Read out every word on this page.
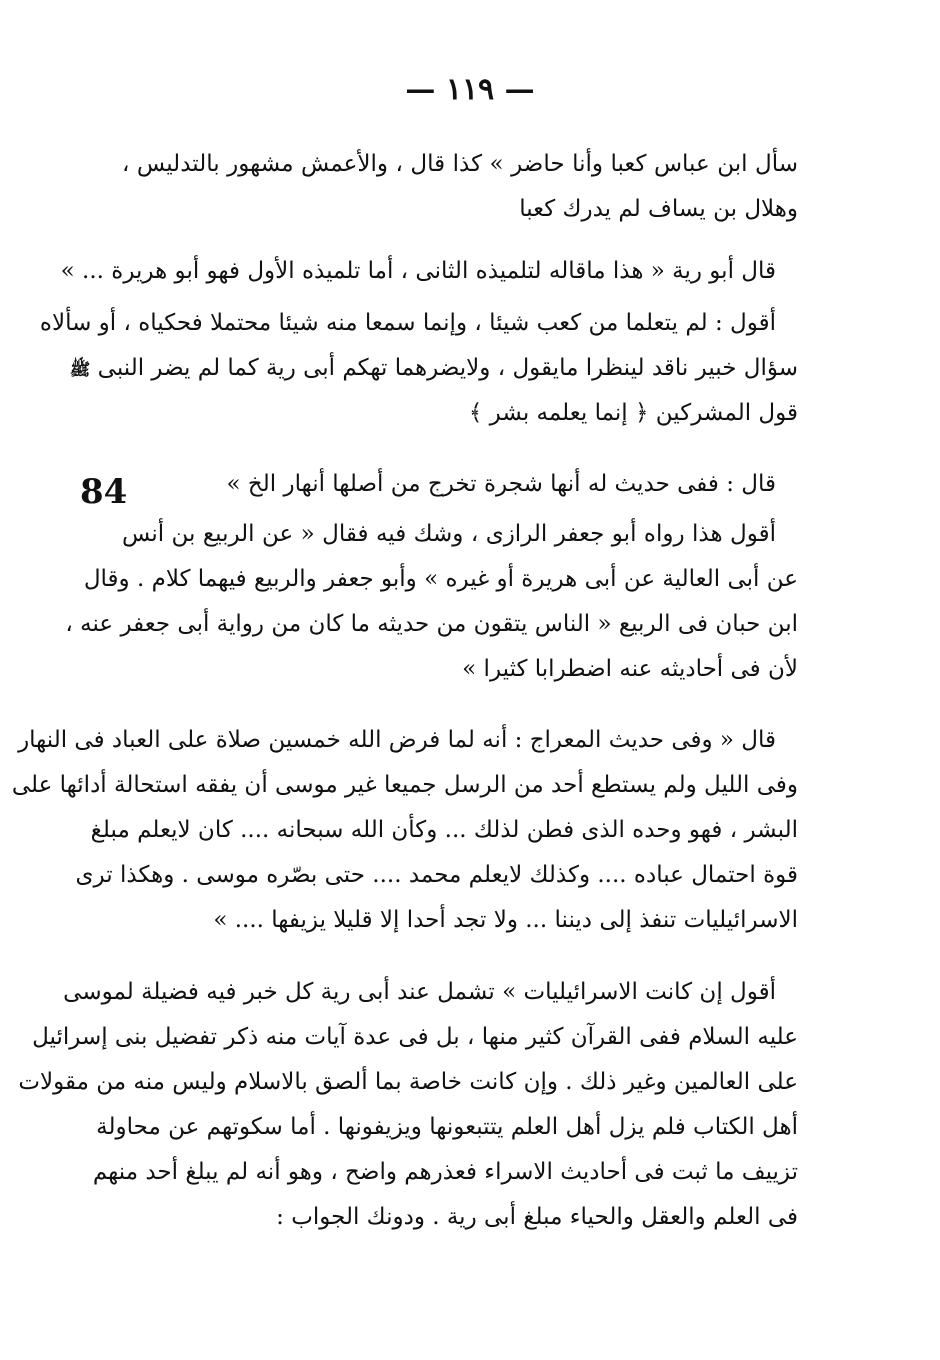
— ١١٩ —
84
سأل ابن عباس كعبا وأنا حاضر » كذا قال ، والأعمش مشهور بالتدليس ،
وهلال بن يساف لم يدرك كعبا
قال أبو رية « هذا ماقاله لتلميذه الثانى ، أما تلميذه الأول فهو أبو هريرة ... »
أقول : لم يتعلما من كعب شيئا ، وإنما سمعا منه شيئا محتملا فحكياه ، أو سألاه
سؤال خبير ناقد لينظرا مايقول ، ولايضرهما تهكم أبى رية كما لم يضر النبى ﷺ
قول المشركين ﴿ إنما يعلمه بشر ﴾
قال : ففى حديث له أنها شجرة تخرج من أصلها أنهار الخ »
أقول هذا رواه أبو جعفر الرازى ، وشك فيه فقال « عن الربيع بن أنس
عن أبى العالية عن أبى هريرة أو غيره » وأبو جعفر والربيع فيهما كلام . وقال
ابن حبان فى الربيع « الناس يتقون من حديثه ما كان من رواية أبى جعفر عنه ،
لأن فى أحاديثه عنه اضطرابا كثيرا »
قال « وفى حديث المعراج : أنه لما فرض الله خمسين صلاة على العباد فى النهار
وفى الليل ولم يستطع أحد من الرسل جميعا غير موسى أن يفقه استحالة أدائها على
البشر ، فهو وحده الذى فطن لذلك ... وكأن الله سبحانه .... كان لايعلم مبلغ
قوة احتمال عباده .... وكذلك لايعلم محمد .... حتى بصّره موسى . وهكذا ترى
الاسرائيليات تنفذ إلى ديننا ... ولا تجد أحدا إلا قليلا يزيفها .... »
أقول إن كانت الاسرائيليات » تشمل عند أبى رية كل خبر فيه فضيلة لموسى
عليه السلام ففى القرآن كثير منها ، بل فى عدة آيات منه ذكر تفضيل بنى إسرائيل
على العالمين وغير ذلك . وإن كانت خاصة بما ألصق بالاسلام وليس منه من مقولات
أهل الكتاب فلم يزل أهل العلم يتتبعونها ويزيفونها . أما سكوتهم عن محاولة
تزييف ما ثبت فى أحاديث الاسراء فعذرهم واضح ، وهو أنه لم يبلغ أحد منهم
فى العلم والعقل والحياء مبلغ أبى رية . ودونك الجواب :
